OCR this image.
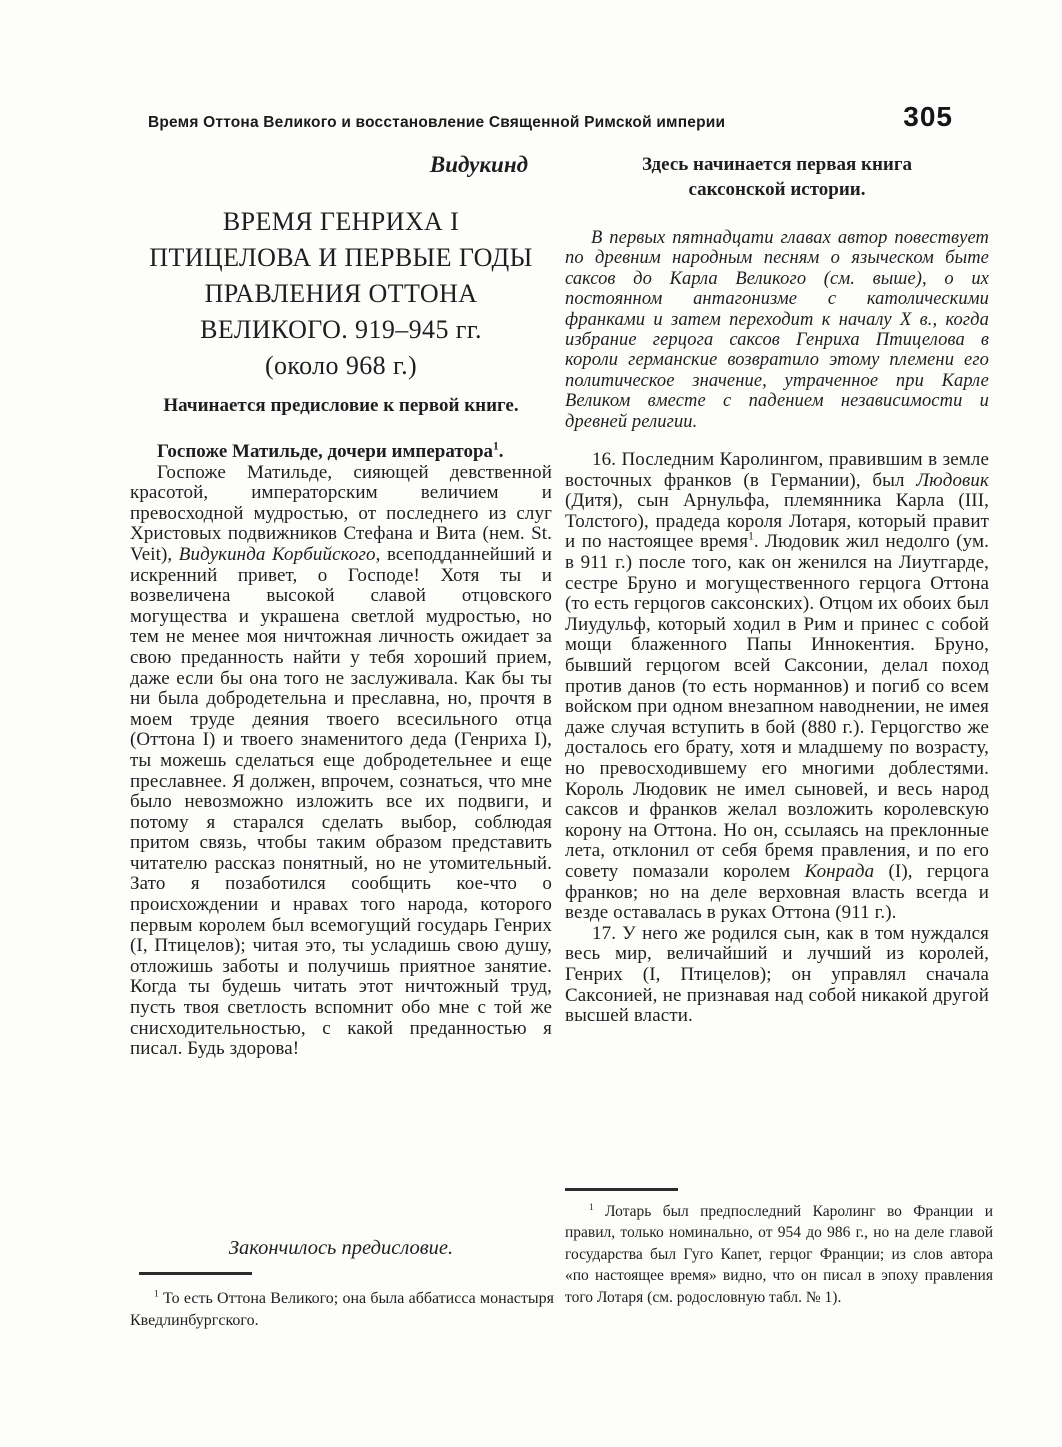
Время Оттона Великого и восстановление Священной Римской империи	305
Видукинд
ВРЕМЯ ГЕНРИХА I
ПТИЦЕЛОВА И ПЕРВЫЕ ГОДЫ
ПРАВЛЕНИЯ ОТТОНА
ВЕЛИКОГО. 919–945 гг.
(около 968 г.)
Начинается предисловие к первой книге.

Госпоже Матильде, дочери императора$^1$.

Госпоже Матильде, сияющей девственной красотой, императорским величием и превосходной мудростью, от последнего из слуг Христовых подвижников Стефана и Вита (нем. St. Veit), Видукинда Корбийского, всеподданнейший и искренний привет, о Господе! Хотя ты и возвеличена высокой славой отцовского могущества и украшена светлой мудростью, но тем не менее моя ничтожная личность ожидает за свою преданность найти у тебя хороший прием, даже если бы она того не заслуживала. Как бы ты ни была добродетельна и преславна, но, прочтя в моем труде деяния твоего всесильного отца (Оттона I) и твоего знаменитого деда (Генриха I), ты можешь сделаться еще добродетельнее и еще преславнее. Я должен, впрочем, сознаться, что мне было невозможно изложить все их подвиги, и потому я старался сделать выбор, соблюдая притом связь, чтобы таким образом представить читателю рассказ понятный, но не утомительный. Зато я позаботился сообщить кое-что о происхождении и нравах того народа, которого первым королем был всемогущий государь Генрих (I, Птицелов); читая это, ты усладишь свою душу, отложишь заботы и получишь приятное занятие. Когда ты будешь читать этот ничтожный труд, пусть твоя светлость вспомнит обо мне с той же снисходительностью, с какой преданностью я писал. Будь здорова!

Закончилось предисловие.

$^1$ То есть Оттона Великого; она была аббатисса монастыря Кведлинбургского.

Здесь начинается первая книга
саксонской истории.

В первых пятнадцати главах автор повествует по древним народным песням о языческом быте саксов до Карла Великого (см. выше), о их постоянном антагонизме с католическими франками и затем переходит к началу X в., когда избрание герцога саксов Генриха Птицелова в короли германские возвратило этому племени его политическое значение, утраченное при Карле Великом вместе с падением независимости и древней религии.

16. Последним Каролингом, правившим в земле восточных франков (в Германии), был Людовик (Дитя), сын Арнульфа, племянника Карла (III, Толстого), прадеда короля Лотаря, который правит и по настоящее время$^1$. Людовик жил недолго (ум. в 911 г.) после того, как он женился на Лиутгарде, сестре Бруно и могущественного герцога Оттона (то есть герцогов саксонских). Отцом их обоих был Лиудульф, который ходил в Рим и принес с собой мощи блаженного Папы Иннокентия. Бруно, бывший герцогом всей Саксонии, делал поход против данов (то есть норманнов) и погиб со всем войском при одном внезапном наводнении, не имея даже случая вступить в бой (880 г.). Герцогство же досталось его брату, хотя и младшему по возрасту, но превосходившему его многими доблестями. Король Людовик не имел сыновей, и весь народ саксов и франков желал возложить королевскую корону на Оттона. Но он, ссылаясь на преклонные лета, отклонил от себя бремя правления, и по его совету помазали королем Конрада (I), герцога франков; но на деле верховная власть всегда и везде оставалась в руках Оттона (911 г.).

17. У него же родился сын, как в том нуждался весь мир, величайший и лучший из королей, Генрих (I, Птицелов); он управлял сначала Саксонией, не признавая над собой никакой другой высшей власти.

$^1$ Лотарь был предпоследний Каролинг во Франции и правил, только номинально, от 954 до 986 г., но на деле главой государства был Гуго Капет, герцог Франции; из слов автора «по настоящее время» видно, что он писал в эпоху правления того Лотаря (см. родословную табл. № 1).
